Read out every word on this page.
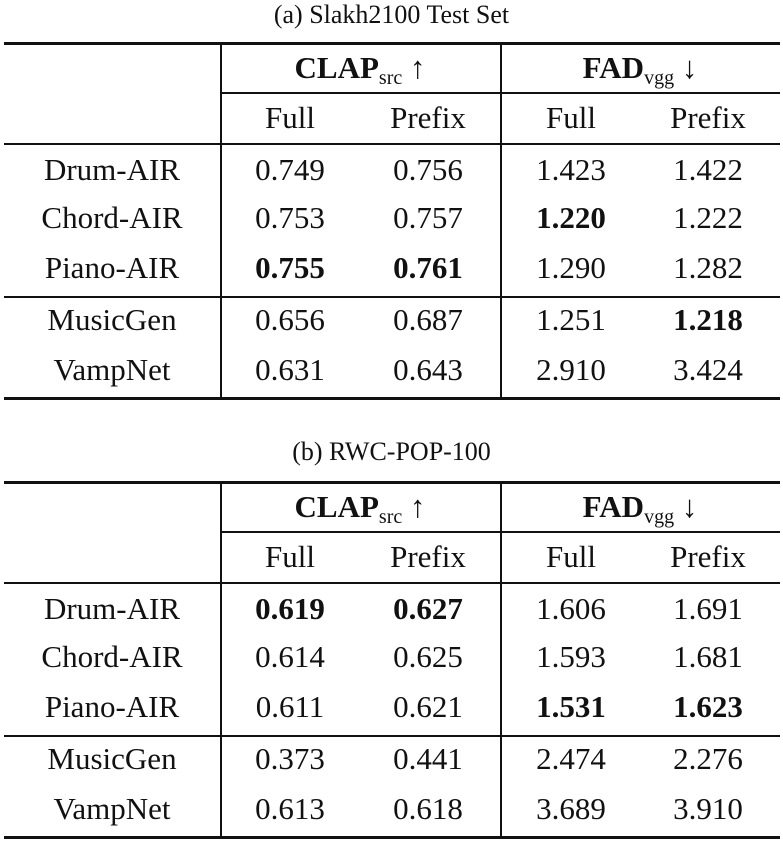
(a) Slakh2100 Test Set
CLAPsrc ↑	FADvgg ↓
Full	Prefix	Full	Prefix
Drum-AIR	0.749	0.756	1.423	1.422
Chord-AIR	0.753	0.757	1.220	1.222
Piano-AIR	0.755	0.761	1.290	1.282
MusicGen	0.656	0.687	1.251	1.218
VampNet	0.631	0.643	2.910	3.424
(b) RWC-POP-100
CLAPsrc ↑	FADvgg ↓
Full	Prefix	Full	Prefix
Drum-AIR	0.619	0.627	1.606	1.691
Chord-AIR	0.614	0.625	1.593	1.681
Piano-AIR	0.611	0.621	1.531	1.623
MusicGen	0.373	0.441	2.474	2.276
VampNet	0.613	0.618	3.689	3.910
